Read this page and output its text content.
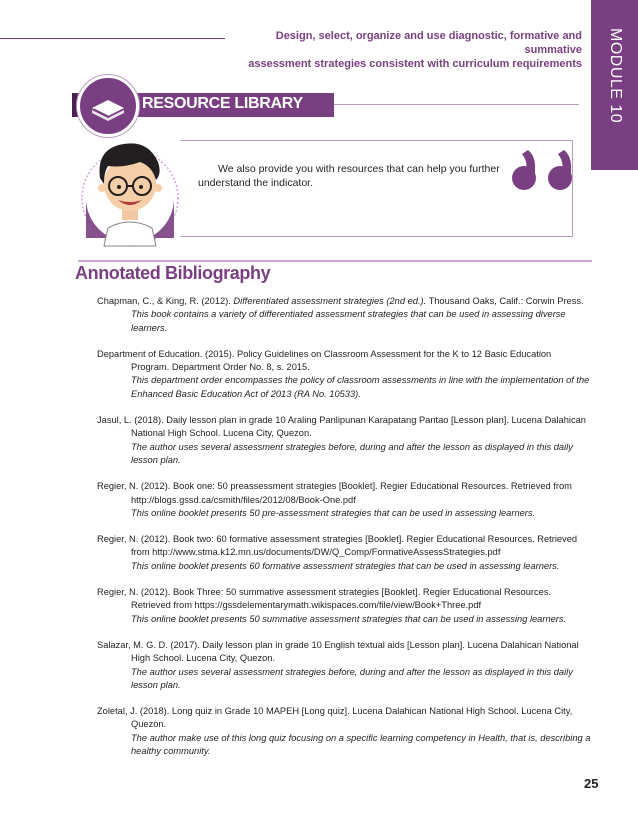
Design, select, organize and use diagnostic, formative and summative
assessment strategies consistent with curriculum requirements MODULE 10
RESOURCE LIBRARY
We also provide you with resources that can help you further understand the indicator.
Annotated Bibliography
Chapman, C., & King, R. (2012). Differentiated assessment strategies (2nd ed.). Thousand Oaks, Calif.: Corwin Press.
This book contains a variety of differentiated assessment strategies that can be used in assessing diverse learners.
Department of Education. (2015). Policy Guidelines on Classroom Assessment for the K to 12 Basic Education Program. Department Order No. 8, s. 2015.
This department order encompasses the policy of classroom assessments in line with the implementation of the Enhanced Basic Education Act of 2013 (RA No. 10533).
Jasul, L. (2018). Daily lesson plan in grade 10 Araling Panlipunan Karapatang Pantao [Lesson plan]. Lucena Dalahican National High School. Lucena City, Quezon.
The author uses several assessment strategies before, during and after the lesson as displayed in this daily lesson plan.
Regier, N. (2012). Book one: 50 preassessment strategies [Booklet]. Regier Educational Resources. Retrieved from http://blogs.gssd.ca/csmith/files/2012/08/Book-One.pdf
This online booklet presents 50 pre-assessment strategies that can be used in assessing learners.
Regier, N. (2012). Book two: 60 formative assessment strategies [Booklet]. Regier Educational Resources. Retrieved from http://www.stma.k12.mn.us/documents/DW/Q_Comp/FormativeAssessStrategies.pdf
This online booklet presents 60 formative assessment strategies that can be used in assessing learners.
Regier, N. (2012). Book Three: 50 summative assessment strategies [Booklet]. Regier Educational Resources. Retrieved from https://gssdelementarymath.wikispaces.com/file/view/Book+Three.pdf
This online booklet presents 50 summative assessment strategies that can be used in assessing learners.
Salazar, M. G. D. (2017). Daily lesson plan in grade 10 English textual aids [Lesson plan]. Lucena Dalahican National High School. Lucena City, Quezon.
The author uses several assessment strategies before, during and after the lesson as displayed in this daily lesson plan.
Zoletal, J. (2018). Long quiz in Grade 10 MAPEH [Long quiz]. Lucena Dalahican National High School. Lucena City, Quezon.
The author make use of this long quiz focusing on a specific learning competency in Health, that is, describing a healthy community.
25
